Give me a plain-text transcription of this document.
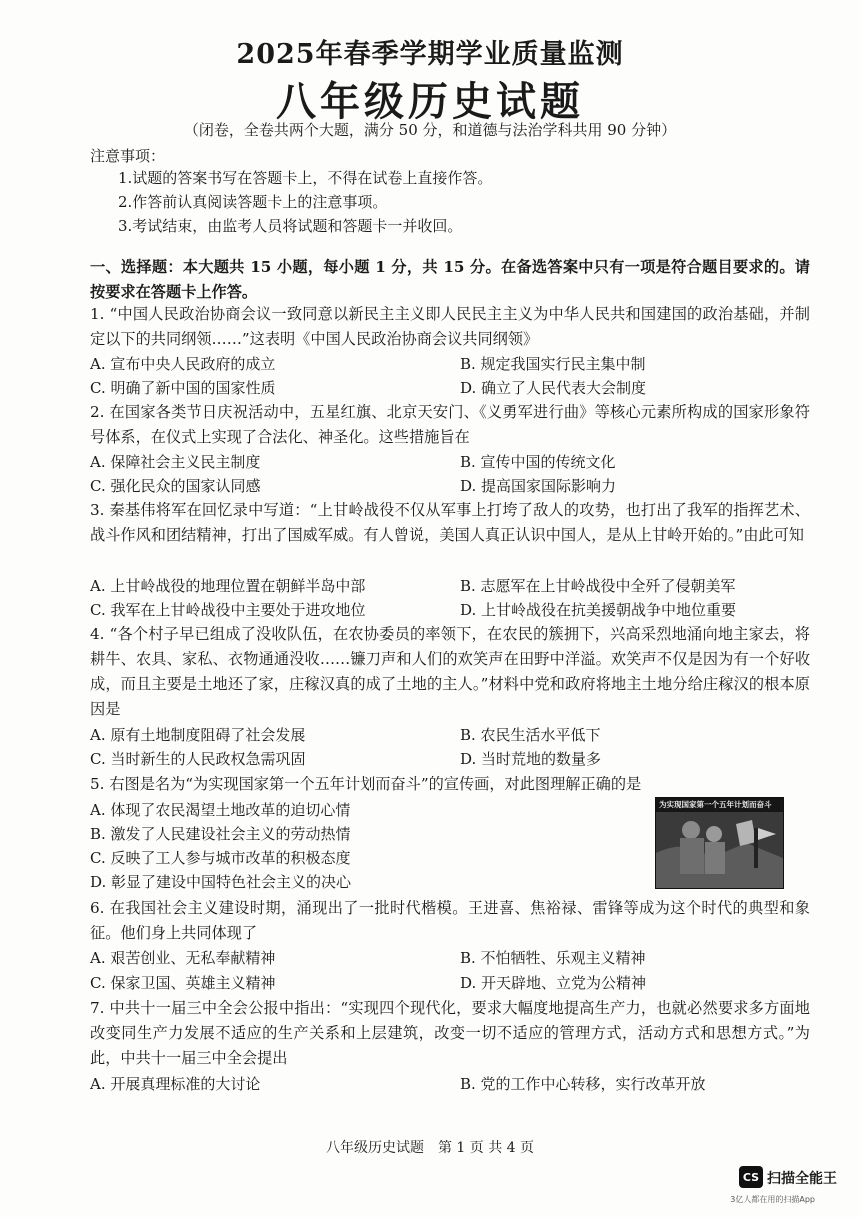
2025年春季学期学业质量监测
八年级历史试题
（闭卷，全卷共两个大题，满分 50 分，和道德与法治学科共用 90 分钟）
注意事项：
1.试题的答案书写在答题卡上，不得在试卷上直接作答。
2.作答前认真阅读答题卡上的注意事项。
3.考试结束，由监考人员将试题和答题卡一并收回。
一、选择题：本大题共 15 小题，每小题 1 分，共 15 分。在备选答案中只有一项是符合题目要求的。请按要求在答题卡上作答。
1. “中国人民政治协商会议一致同意以新民主主义即人民民主主义为中华人民共和国建国的政治基础，并制定以下的共同纲领……”这表明《中国人民政治协商会议共同纲领》
A. 宣布中央人民政府的成立	B. 规定我国实行民主集中制
C. 明确了新中国的国家性质	D. 确立了人民代表大会制度
2. 在国家各类节日庆祝活动中，五星红旗、北京天安门、《义勇军进行曲》等核心元素所构成的国家形象符号体系，在仪式上实现了合法化、神圣化。这些措施旨在
A. 保障社会主义民主制度	B. 宣传中国的传统文化
C. 强化民众的国家认同感	D. 提高国家国际影响力
3. 秦基伟将军在回忆录中写道：“上甘岭战役不仅从军事上打垮了敌人的攻势，也打出了我军的指挥艺术、战斗作风和团结精神，打出了国威军威。有人曾说，美国人真正认识中国人，是从上甘岭开始的。”由此可知
A. 上甘岭战役的地理位置在朝鲜半岛中部	B. 志愿军在上甘岭战役中全歼了侵朝美军
C. 我军在上甘岭战役中主要处于进攻地位	D. 上甘岭战役在抗美援朝战争中地位重要
4. “各个村子早已组成了没收队伍，在农协委员的率领下，在农民的簇拥下，兴高采烈地涌向地主家去，将耕牛、农具、家私、衣物通通没收……镰刀声和人们的欢笑声在田野中洋溢。欢笑声不仅是因为有一个好收成，而且主要是土地还了家，庄稼汉真的成了土地的主人。”材料中党和政府将地主土地分给庄稼汉的根本原因是
A. 原有土地制度阻碍了社会发展	B. 农民生活水平低下
C. 当时新生的人民政权急需巩固	D. 当时荒地的数量多
5. 右图是名为“为实现国家第一个五年计划而奋斗”的宣传画，对此图理解正确的是
A. 体现了农民渴望土地改革的迫切心情
B. 激发了人民建设社会主义的劳动热情
C. 反映了工人参与城市改革的积极态度
D. 彰显了建设中国特色社会主义的决心
为实现国家第一个五年计划而奋斗
6. 在我国社会主义建设时期，涌现出了一批时代楷模。王进喜、焦裕禄、雷锋等成为这个时代的典型和象征。他们身上共同体现了
A. 艰苦创业、无私奉献精神	B. 不怕牺牲、乐观主义精神
C. 保家卫国、英雄主义精神	D. 开天辟地、立党为公精神
7. 中共十一届三中全会公报中指出：“实现四个现代化，要求大幅度地提高生产力，也就必然要求多方面地改变同生产力发展不适应的生产关系和上层建筑，改变一切不适应的管理方式，活动方式和思想方式。”为此，中共十一届三中全会提出
A. 开展真理标准的大讨论	B. 党的工作中心转移，实行改革开放
八年级历史试题　第 1 页 共 4 页
CS 扫描全能王
3亿人都在用的扫描App
